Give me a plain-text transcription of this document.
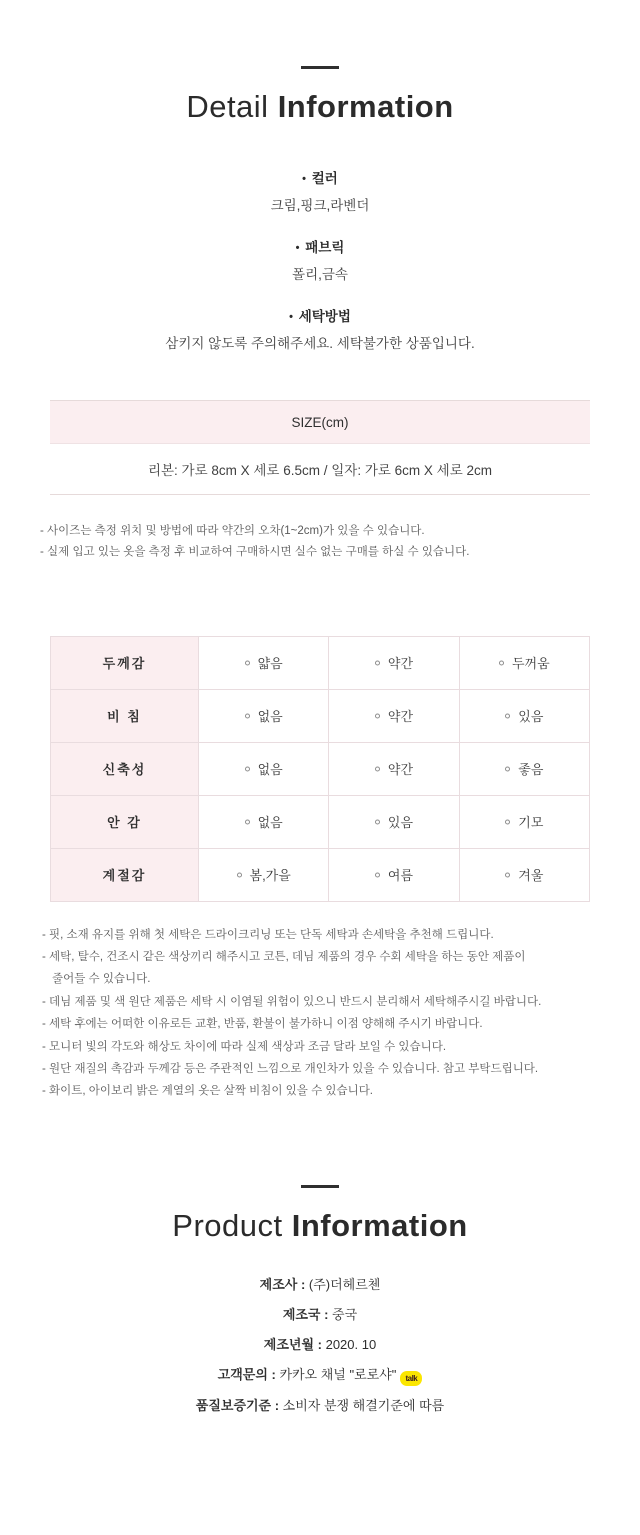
Detail Information
• 컬러
크림,핑크,라벤더
• 패브릭
폴리,금속
• 세탁방법
삼키지 않도록 주의해주세요. 세탁불가한 상품입니다.
SIZE(cm)
리본: 가로 8cm X 세로 6.5cm / 일자: 가로 6cm X 세로 2cm
- 사이즈는 측정 위치 및 방법에 따라 약간의 오차(1~2cm)가 있을 수 있습니다.
- 실제 입고 있는 옷을 측정 후 비교하여 구매하시면 실수 없는 구매를 하실 수 있습니다.
두께감	얇음	약간	두꺼움
비 침	없음	약간	있음
신축성	없음	약간	좋음
안 감	없음	있음	기모
계절감	봄,가을	여름	겨울
- 핏, 소재 유지를 위해 첫 세탁은 드라이크리닝 또는 단독 세탁과 손세탁을 추천해 드립니다.
- 세탁, 탈수, 건조시 같은 색상끼리 해주시고 코튼, 데님 제품의 경우 수회 세탁을 하는 동안 제품이
줄어들 수 있습니다.
- 데님 제품 및 색 원단 제품은 세탁 시 이염될 위험이 있으니 반드시 분리해서 세탁해주시길 바랍니다.
- 세탁 후에는 어떠한 이유로든 교환, 반품, 환불이 불가하니 이점 양해해 주시기 바랍니다.
- 모니터 빛의 각도와 해상도 차이에 따라 실제 색상과 조금 달라 보일 수 있습니다.
- 원단 재질의 촉감과 두께감 등은 주관적인 느낌으로 개인차가 있을 수 있습니다. 참고 부탁드립니다.
- 화이트, 아이보리 밝은 계열의 옷은 살짝 비침이 있을 수 있습니다.
Product Information
제조사 : (주)더헤르첸
제조국 : 중국
제조년월 : 2020. 10
고객문의 : 카카오 채널 "로로샤" talk
품질보증기준 : 소비자 분쟁 해결기준에 따름
